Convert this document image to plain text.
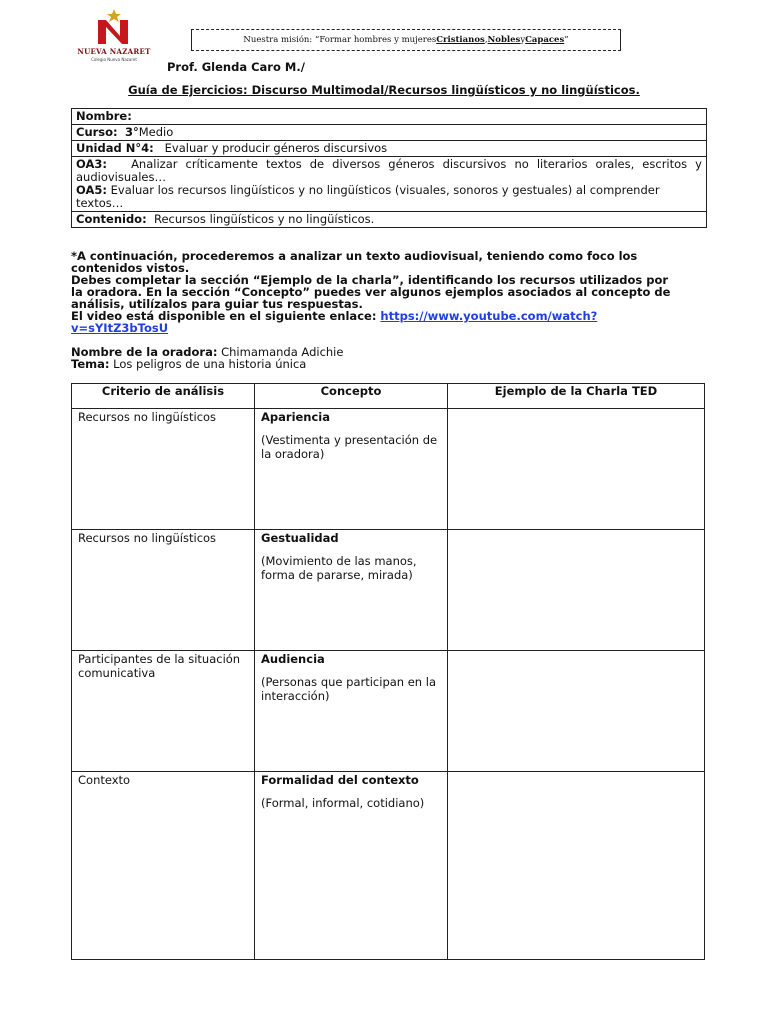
NUEVA NAZARET
Colegio Nueva Nazaret
Nuestra misión: “Formar hombres y mujeres Cristianos , Nobles y Capaces ”
Prof. Glenda Caro M./
Guía de Ejercicios: Discurso Multimodal/Recursos lingüísticos y no lingüísticos.
Nombre:
Curso: 3°Medio
Unidad N°4: Evaluar y producir géneros discursivos

OA3: Analizar críticamente textos de diversos géneros discursivos no literarios orales, escritos y audiovisuales…
OA5: Evaluar los recursos lingüísticos y no lingüísticos (visuales, sonoros y gestuales) al comprender
textos…

Contenido: Recursos lingüísticos y no lingüísticos.

*A continuación, procederemos a analizar un texto audiovisual, teniendo como foco los contenidos vistos.

Debes completar la sección “Ejemplo de la charla”, identificando los recursos utilizados por la oradora. En la sección “Concepto” puedes ver algunos ejemplos asociados al concepto de análisis, utilízalos para guiar tus respuestas.

El video está disponible en el siguiente enlace: https://www.youtube.com/watch?v=sYItZ3bTosU

Nombre de la oradora: Chimamanda Adichie
Tema: Los peligros de una historia única
Criterio de análisis	Concepto	Ejemplo de la Charla TED
Recursos no lingüísticos	Apariencia
(Vestimenta y presentación de la oradora)	

Recursos no lingüísticos	Gestualidad
(Movimiento de las manos, forma de pararse, mirada)	

Participantes de la situación comunicativa	Audiencia
(Personas que participan en la interacción)	

Contexto	Formalidad del contexto
(Formal, informal, cotidiano)	
